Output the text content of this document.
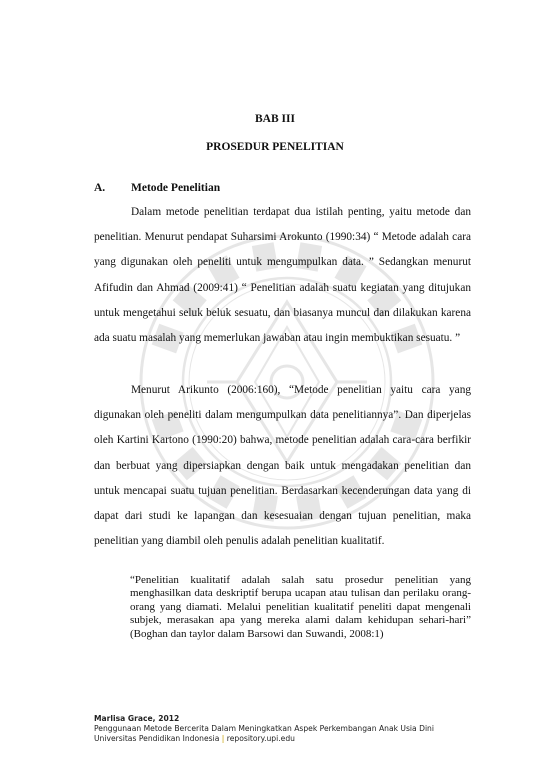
BAB III
PROSEDUR PENELITIAN
A. Metode Penelitian
Dalam metode penelitian terdapat dua istilah penting, yaitu metode dan penelitian. Menurut pendapat Suharsimi Arokunto (1990:34) “ Metode adalah cara yang digunakan oleh peneliti untuk mengumpulkan data. ” Sedangkan menurut Afifudin dan Ahmad (2009:41) “ Penelitian adalah suatu kegiatan yang ditujukan untuk mengetahui seluk beluk sesuatu, dan biasanya muncul dan dilakukan karena ada suatu masalah yang memerlukan jawaban atau ingin membuktikan sesuatu. ”
Menurut Arikunto (2006:160), “Metode penelitian yaitu cara yang digunakan oleh peneliti dalam mengumpulkan data penelitiannya”. Dan diperjelas oleh Kartini Kartono (1990:20) bahwa, metode penelitian adalah cara-cara berfikir dan berbuat yang dipersiapkan dengan baik untuk mengadakan penelitian dan untuk mencapai suatu tujuan penelitian. Berdasarkan kecenderungan data yang di dapat dari studi ke lapangan dan kesesuaian dengan tujuan penelitian, maka penelitian yang diambil oleh penulis adalah penelitian kualitatif.
“Penelitian kualitatif adalah salah satu prosedur penelitian yang menghasilkan data deskriptif berupa ucapan atau tulisan dan perilaku orang-orang yang diamati. Melalui penelitian kualitatif peneliti dapat mengenali subjek, merasakan apa yang mereka alami dalam kehidupan sehari-hari” (Boghan dan taylor dalam Barsowi dan Suwandi, 2008:1)
Marlisa Grace, 2012
Penggunaan Metode Bercerita Dalam Meningkatkan Aspek Perkembangan Anak Usia Dini
Universitas Pendidikan Indonesia | repository.upi.edu
